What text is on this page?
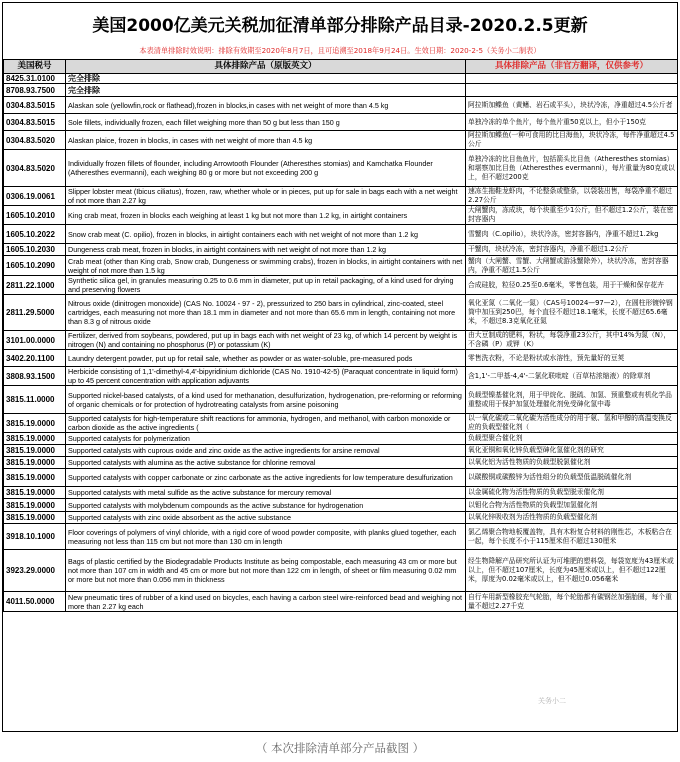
美国2000亿美元关税加征清单部分排除产品目录-2020.2.5更新
本表清单排除时效说明：排除有效期至2020年8月7日，且可追溯至2018年9月24日。生效日期：2020-2-5（关务小二制表）
美国税号	具体排除产品（原版英文）	具体排除产品（非官方翻译，仅供参考）
8425.31.0100	完全排除	
8708.93.7500	完全排除	
0304.83.5015	Alaskan sole (yellowfin,rock or flathead),frozen in blocks,in cases with net weight of more than 4.5 kg	阿拉斯加鲽鱼（黄鳍、岩石或平头），块状冷冻，净重超过4.5公斤者
0304.83.5015	Sole fillets, individually frozen, each fillet weighing more than 50 g but less than 150 g	单独冷冻的单个鱼片，每个鱼片重50克以上，但小于150克
0304.83.5020	Alaskan plaice, frozen in blocks, in cases with net weight of more than 4.5 kg	阿拉斯加鲽鱼(一种可食用的比目海鱼)，块状冷冻，每件净重超过4.5公斤
0304.83.5020	Individually frozen fillets of flounder, including Arrowtooth Flounder (Atheresthes stomias) and Kamchatka Flounder (Atheresthes evermanni), each weighing 80 g or more but not exceeding 200 g	单独冷冻的比目鱼鱼片，包括箭头比目鱼（Atheresthes stomias）和堪察加比目鱼（Atheresthes evermanni），每片重量为80克或以上，但不超过200克
0306.19.0061	Slipper lobster meat (Ibicus ciliatus), frozen, raw, whether whole or in pieces, put up for sale in bags each with a net weight of not more than 2.27 kg	速冻生拖鞋龙虾肉，不论整条或整条，以袋装出售，每袋净重不超过2.27公斤
1605.10.2010	King crab meat, frozen in blocks each weighing at least 1 kg but not more than 1.2 kg, in airtight containers	大闸蟹肉，冻成块，每个块重至少1公斤，但不超过1.2公斤，装在密封容器内
1605.10.2022	Snow crab meat (C. opilio), frozen in blocks, in airtight containers each with net weight of not more than 1.2 kg	雪蟹肉（C.opilio），块状冷冻，密封容器内，净重不超过1.2kg
1605.10.2030	Dungeness crab meat, frozen in blocks, in airtight containers with net weight of not more than 1.2 kg	干蟹肉，块状冷冻，密封容器内，净重不超过1.2公斤
1605.10.2090	Crab meat (other than King crab, Snow crab, Dungeness or swimming crabs), frozen in blocks, in airtight containers with net weight of not more than 1.5 kg	蟹肉（大闸蟹、雪蟹、大闸蟹或游泳蟹除外），块状冷冻，密封容器内，净重不超过1.5公斤
2811.22.1000	Synthetic silica gel, in granules measuring 0.25 to 0.6 mm in diameter, put up in retail packaging, of a kind used for drying and preserving flowers	合成硅胶，粒径0.25至0.6毫米，零售包装，用于干燥和保存花卉
2811.29.5000	Nitrous oxide (dinitrogen monoxide) (CAS No. 10024 - 97 - 2), pressurized to 250 bars in cylindrical, zinc-coated, steel cartridges, each measuring not more than 18.1 mm in diameter and not more than 65.6 mm in length, containing not more than 8.3 g of nitrous oxide	氧化亚氮（二氧化一氮）（CAS号10024—97—2），在圆柱形镀锌钢筒中加压到250巴，每个直径不超过18.1毫米，长度不超过65.6毫米，不超过8.3克氧化亚氮
3101.00.0000	Fertilizer, derived from soybeans, powdered, put up in bags each with net weight of 23 kg, of which 14 percent by weight is nitrogen (N) and containing no phosphorus (P) or potassium (K)	由大豆制成的肥料，粉状，每袋净重23公斤，其中14%为氮（N），不含磷（P）或钾（K）
3402.20.1100	Laundry detergent powder, put up for retail sale, whether as powder or as water-soluble, pre-measured pods	零售洗衣粉，不论是粉状或水溶性，预先量好的豆荚
3808.93.1500	Herbicide consisting of 1,1'-dimethyl-4,4'-bipyridinium dichloride (CAS No. 1910-42-5) (Paraquat concentrate in liquid form) up to 45 percent concentration with application adjuvants	含1,1'-二甲基-4,4'-二氯化联吡啶（百草枯浓缩液）的除草剂
3815.11.0000	Supported nickel-based catalysts, of a kind used for methanation, desulfurization, hydrogenation, pre-reforming or reforming of organic chemicals or for protection of hydrotreating catalysts from arsine poisoning	负载型镍基催化剂，用于甲烷化、脱硫、加氢、预重整或有机化学品重整或用于保护加氢处理催化剂免受砷化氢中毒
3815.19.0000	Supported catalysts for high-temperature shift reactions for ammonia, hydrogen, and methanol, with carbon monoxide or carbon dioxide as the active ingredients (	以一氧化碳或二氧化碳为活性成分的用于氨、氢和甲醇的高温变换反应的负载型催化剂（
3815.19.0000	Supported catalysts for polymerization	负载型聚合催化剂
3815.19.0000	Supported catalysts with cuprous oxide and zinc oxide as the active ingredients for arsine removal	氧化亚铜和氧化锌负载型砷化氢催化剂的研究
3815.19.0000	Supported catalysts with alumina as the active substance for chlorine removal	以氧化铝为活性物质的负载型脱氯催化剂
3815.19.0000	Supported catalysts with copper carbonate or zinc carbonate as the active ingredients for low temperature desulfurization	以碳酸铜或碳酸锌为活性组分的负载型低温脱硫催化剂
3815.19.0000	Supported catalysts with metal sulfide as the active substance for mercury removal	以金属硫化物为活性物质的负载型脱汞催化剂
3815.19.0000	Supported catalysts with molybdenum compounds as the active substance for hydrogenation	以钼化合物为活性物质的负载型加氢催化剂
3815.19.0000	Supported catalysts with zinc oxide absorbent as the active substance	以氧化锌吸收剂为活性物质的负载型催化剂
3918.10.1000	Floor coverings of polymers of vinyl chloride, with a rigid core of wood powder composite, with planks glued together, each measuring not less than 115 cm but not more than 130 cm in length	氯乙烯聚合物地板覆盖物，具有木粉复合材料的刚性芯，木板粘合在一起，每个长度不小于115厘米但不超过130厘米
3923.29.0000	Bags of plastic certified by the Biodegradable Products Institute as being compostable, each measuring 43 cm or more but not more than 107 cm in width and 45 cm or more but not more than 122 cm in length, of sheet or film measuring 0.02 mm or more but not more than 0.056 mm in thickness	经生物降解产品研究所认证为可堆肥的塑料袋，每袋宽度为43厘米或以上，但不超过107厘米，长度为45厘米或以上，但不超过122厘米，厚度为0.02毫米或以上，但不超过0.056毫米
4011.50.0000	New pneumatic tires of rubber of a kind used on bicycles, each having a carbon steel wire-reinforced bead and weighing not more than 2.27 kg each	自行车用新型橡胶充气轮胎，每个轮胎都有碳钢丝加强胎圈，每个重量不超过2.27千克
关务小二
（ 本次排除清单部分产品截图 ）
